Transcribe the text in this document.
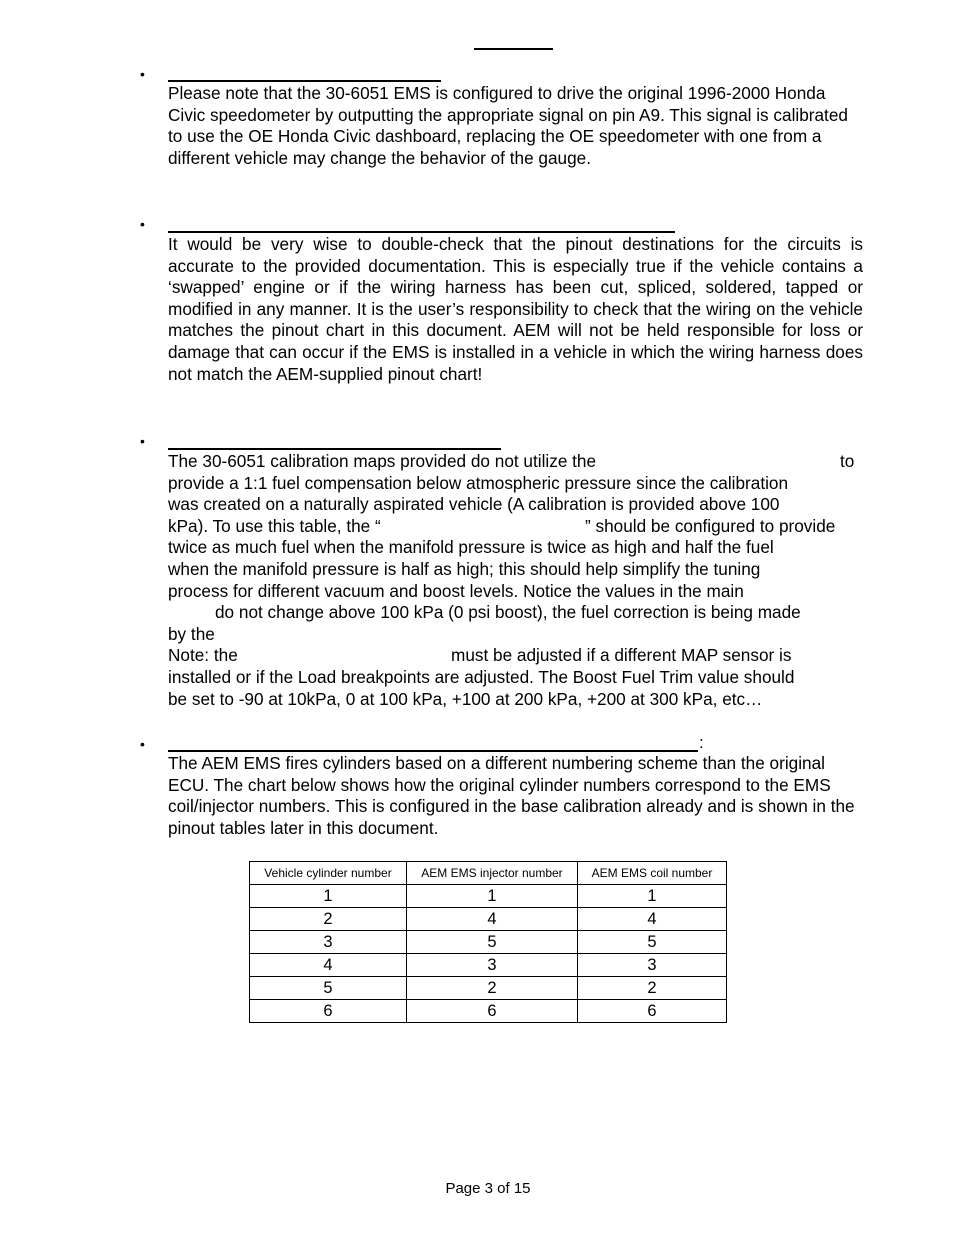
•

Please note that the 30-6051 EMS is configured to drive the original 1996-2000 Honda Civic speedometer by outputting the appropriate signal on pin A9. This signal is calibrated to use the OE Honda Civic dashboard, replacing the OE speedometer with one from a different vehicle may change the behavior of the gauge.

•

It would be very wise to double-check that the pinout destinations for the circuits is accurate to the provided documentation. This is especially true if the vehicle contains a ‘swapped’ engine or if the wiring harness has been cut, spliced, soldered, tapped or modified in any manner. It is the user’s responsibility to check that the wiring on the vehicle matches the pinout chart in this document. AEM will not be held responsible for loss or damage that can occur if the EMS is installed in a vehicle in which the wiring harness does not match the AEM-supplied pinout chart!

•
The 30-6051 calibration maps provided do not utilize the	to
provide a 1:1 fuel compensation below atmospheric pressure since the calibration
was created on a naturally aspirated vehicle (A calibration is provided above 100
kPa). To use this table, the “	” should be configured to provide
twice as much fuel when the manifold pressure is twice as high and half the fuel
when the manifold pressure is half as high; this should help simplify the tuning
process for different vacuum and boost levels. Notice the values in the main
do not change above 100 kPa (0 psi boost), the fuel correction is being made
by the
Note: the	must be adjusted if a different MAP sensor is
installed or if the Load breakpoints are adjusted. The Boost Fuel Trim value should
be set to -90 at 10kPa, 0 at 100 kPa, +100 at 200 kPa, +200 at 300 kPa, etc…
•	:

The AEM EMS fires cylinders based on a different numbering scheme than the original ECU. The chart below shows how the original cylinder numbers correspond to the EMS coil/injector numbers. This is configured in the base calibration already and is shown in the pinout tables later in this document.

Vehicle cylinder number	AEM EMS injector number	AEM EMS coil number
1	1	1
2	4	4
3	5	5
4	3	3
5	2	2
6	6	6
Page 3 of 15
